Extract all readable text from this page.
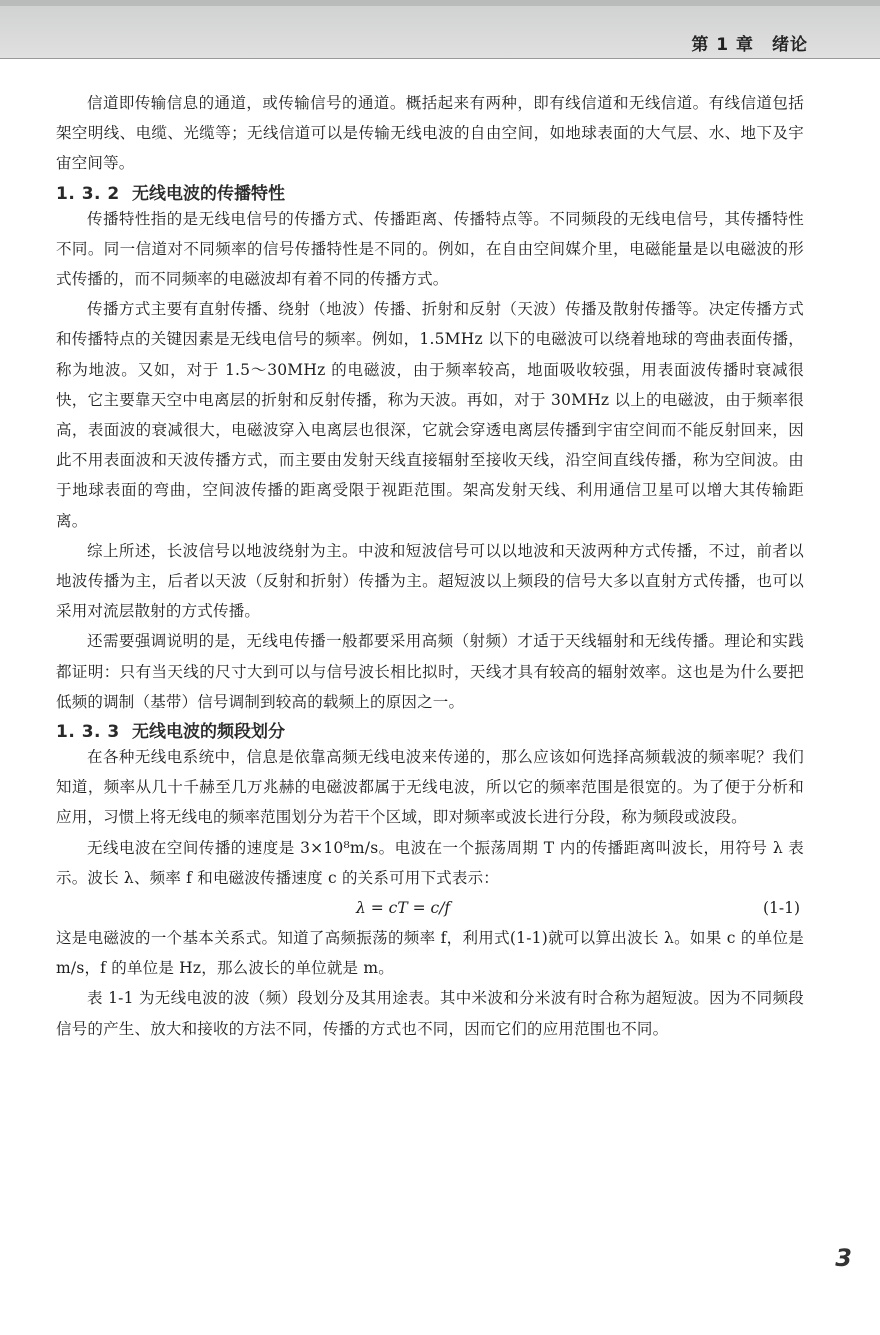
第 1 章 绪论

信道即传输信息的通道，或传输信号的通道。概括起来有两种，即有线信道和无线信道。有线信道包括架空明线、电缆、光缆等；无线信道可以是传输无线电波的自由空间，如地球表面的大气层、水、地下及宇宙空间等。

1. 3. 2 无线电波的传播特性

传播特性指的是无线电信号的传播方式、传播距离、传播特点等。不同频段的无线电信号，其传播特性不同。同一信道对不同频率的信号传播特性是不同的。例如，在自由空间媒介里，电磁能量是以电磁波的形式传播的，而不同频率的电磁波却有着不同的传播方式。

传播方式主要有直射传播、绕射（地波）传播、折射和反射（天波）传播及散射传播等。决定传播方式和传播特点的关键因素是无线电信号的频率。例如，1.5MHz 以下的电磁波可以绕着地球的弯曲表面传播，称为地波。又如，对于 1.5～30MHz 的电磁波，由于频率较高，地面吸收较强，用表面波传播时衰减很快，它主要靠天空中电离层的折射和反射传播，称为天波。再如，对于 30MHz 以上的电磁波，由于频率很高，表面波的衰减很大，电磁波穿入电离层也很深，它就会穿透电离层传播到宇宙空间而不能反射回来，因此不用表面波和天波传播方式，而主要由发射天线直接辐射至接收天线，沿空间直线传播，称为空间波。由于地球表面的弯曲，空间波传播的距离受限于视距范围。架高发射天线、利用通信卫星可以增大其传输距离。

综上所述，长波信号以地波绕射为主。中波和短波信号可以以地波和天波两种方式传播，不过，前者以地波传播为主，后者以天波（反射和折射）传播为主。超短波以上频段的信号大多以直射方式传播，也可以采用对流层散射的方式传播。

还需要强调说明的是，无线电传播一般都要采用高频（射频）才适于天线辐射和无线传播。理论和实践都证明：只有当天线的尺寸大到可以与信号波长相比拟时，天线才具有较高的辐射效率。这也是为什么要把低频的调制（基带）信号调制到较高的载频上的原因之一。

1. 3. 3 无线电波的频段划分

在各种无线电系统中，信息是依靠高频无线电波来传递的，那么应该如何选择高频载波的频率呢？我们知道，频率从几十千赫至几万兆赫的电磁波都属于无线电波，所以它的频率范围是很宽的。为了便于分析和应用，习惯上将无线电的频率范围划分为若干个区域，即对频率或波长进行分段，称为频段或波段。

无线电波在空间传播的速度是 3×10⁸m/s。电波在一个振荡周期 T 内的传播距离叫波长，用符号 λ 表示。波长 λ、频率 f 和电磁波传播速度 c 的关系可用下式表示：

λ = cT = c/f	(1-1)

这是电磁波的一个基本关系式。知道了高频振荡的频率 f，利用式(1-1)就可以算出波长 λ。如果 c 的单位是 m/s，f 的单位是 Hz，那么波长的单位就是 m。

表 1-1 为无线电波的波（频）段划分及其用途表。其中米波和分米波有时合称为超短波。因为不同频段信号的产生、放大和接收的方法不同，传播的方式也不同，因而它们的应用范围也不同。

3
